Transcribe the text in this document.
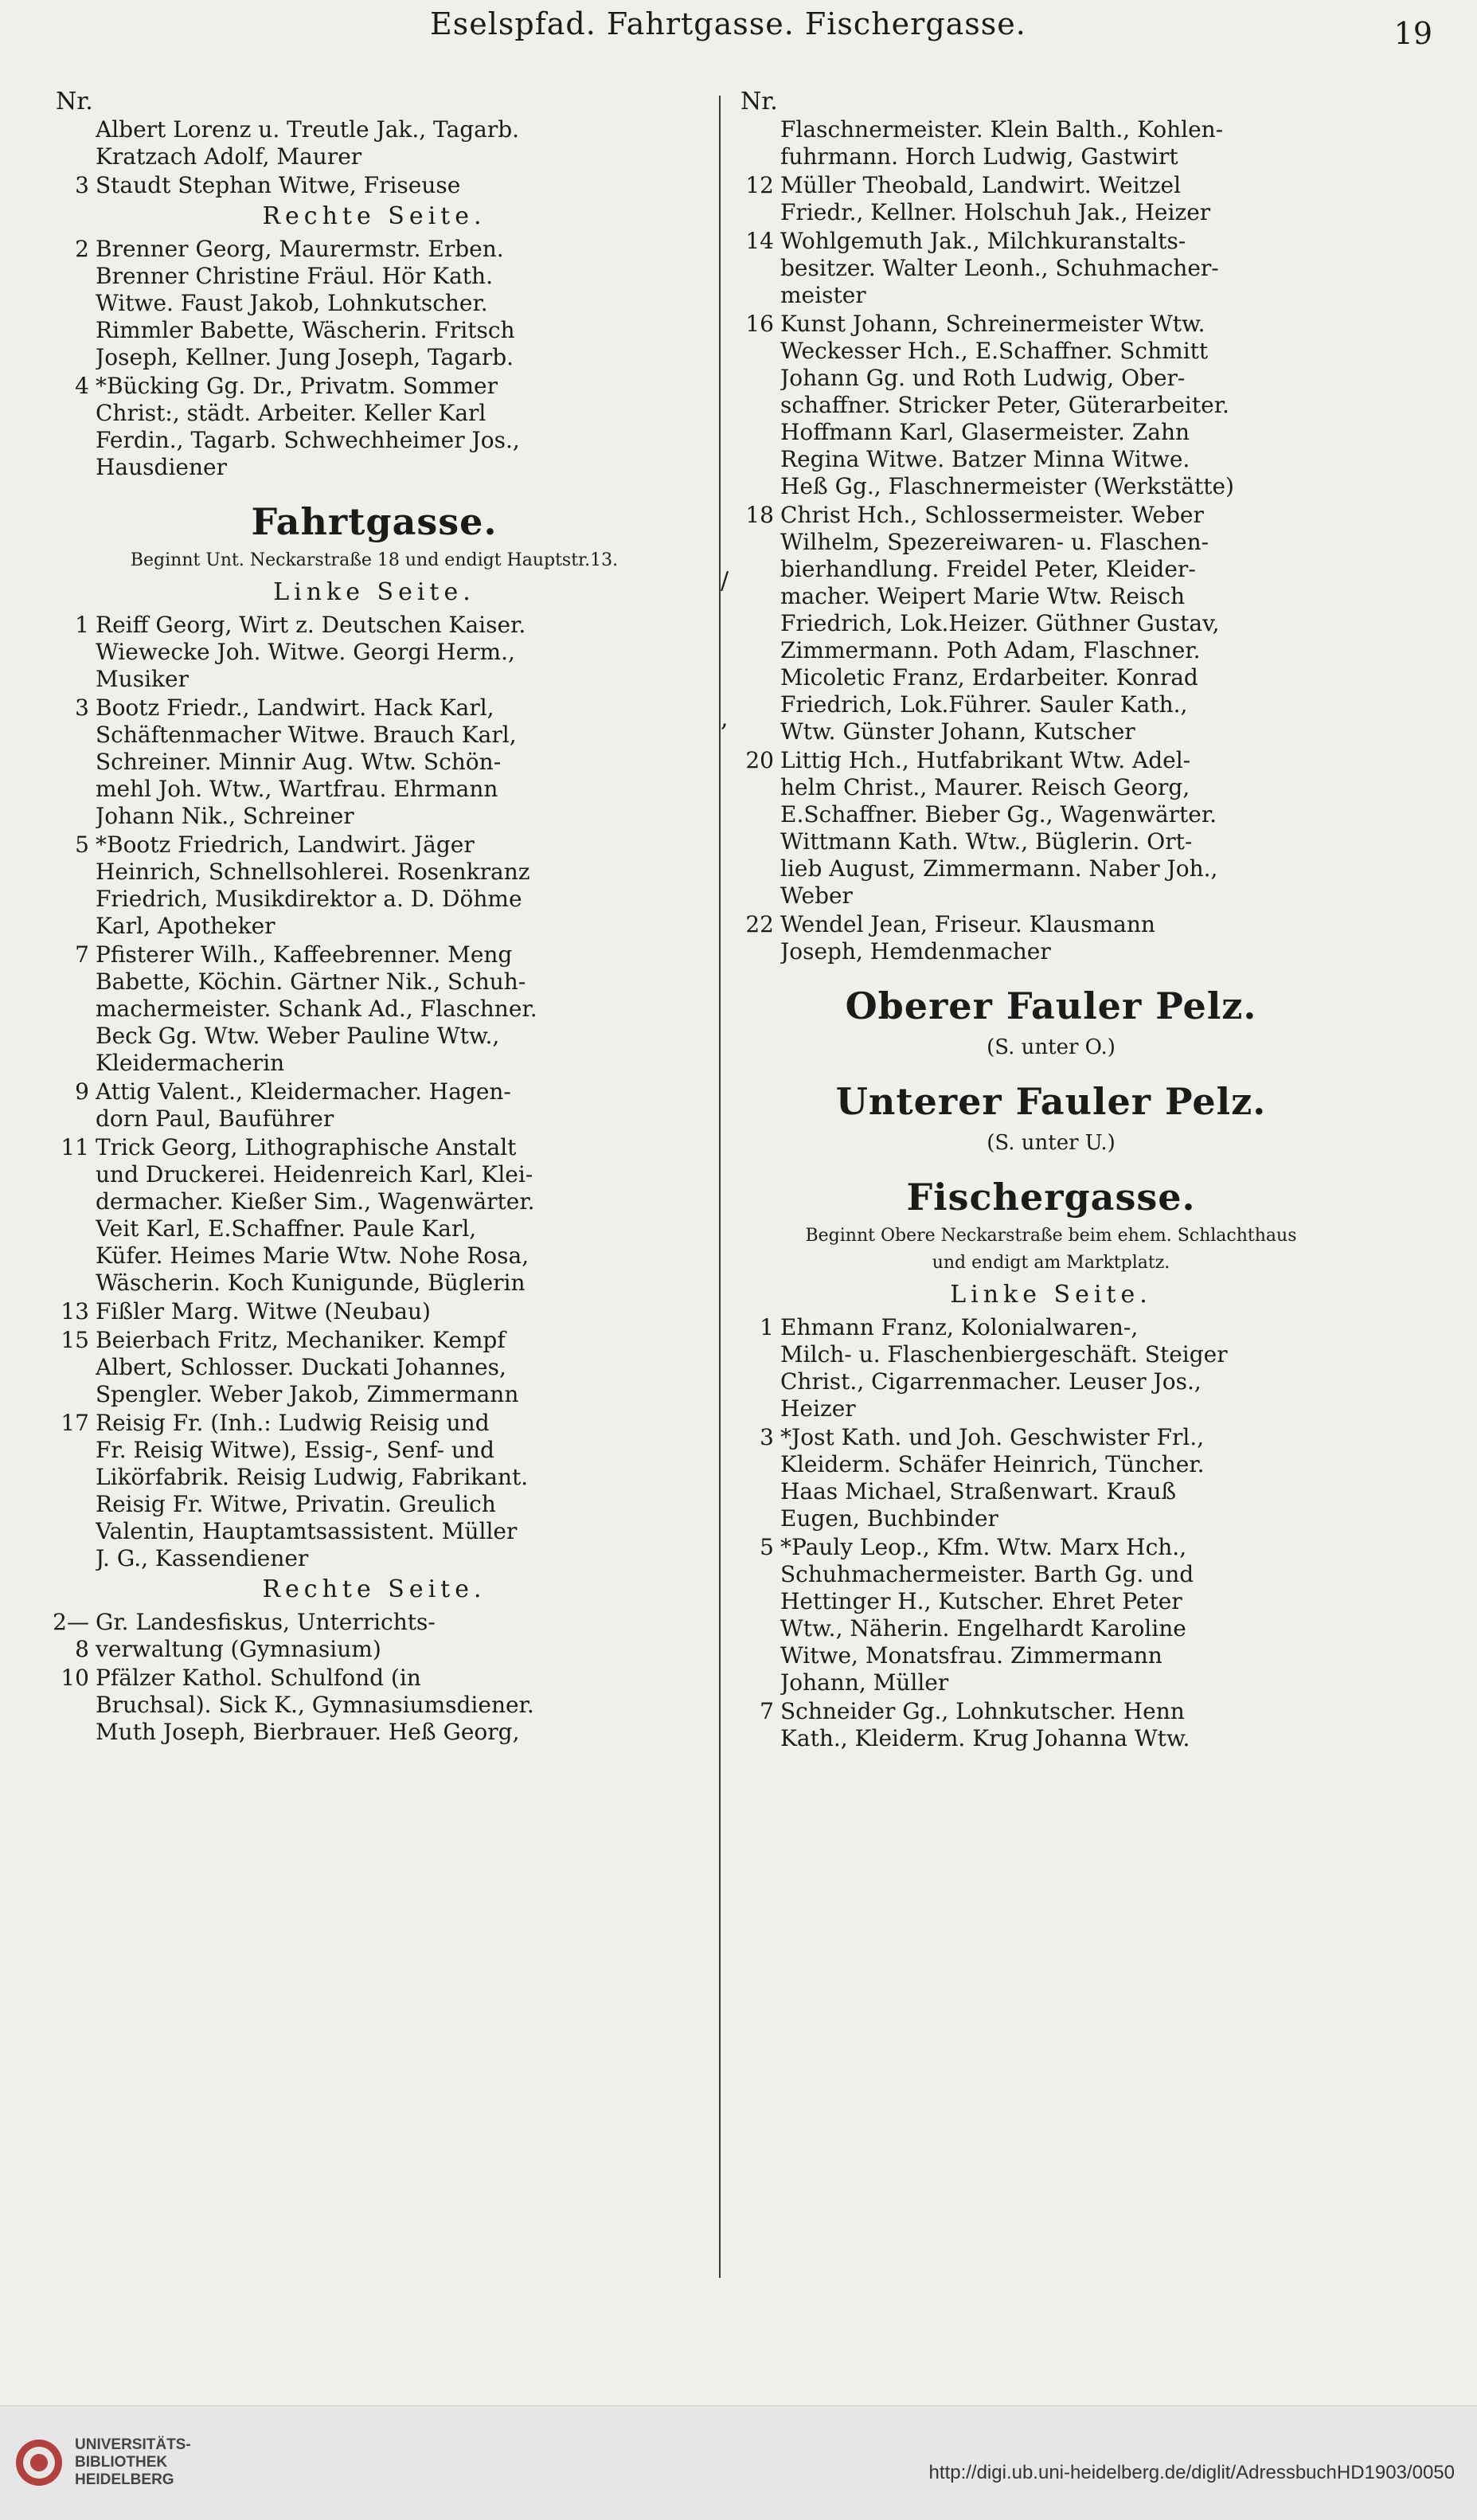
Eselspfad. Fahrtgasse. Fischergasse.	19
/
,
Nr.
Albert Lorenz u. Treutle Jak., Tagarb.
Kratzach Adolf, Maurer
3 Staudt Stephan Witwe, Friseuse
Rechte Seite.
2 Brenner Georg, Maurermstr. Erben.
Brenner Christine Fräul. Hör Kath.
Witwe. Faust Jakob, Lohnkutscher.
Rimmler Babette, Wäscherin. Fritsch
Joseph, Kellner. Jung Joseph, Tagarb.
4 *Bücking Gg. Dr., Privatm. Sommer
Christ:, städt. Arbeiter. Keller Karl
Ferdin., Tagarb. Schwechheimer Jos.,
Hausdiener
Fahrtgasse.
Beginnt Unt. Neckarstraße 18 und endigt Hauptstr.13.
Linke Seite.
1 Reiff Georg, Wirt z. Deutschen Kaiser.
Wiewecke Joh. Witwe. Georgi Herm.,
Musiker
3 Bootz Friedr., Landwirt. Hack Karl,
Schäftenmacher Witwe. Brauch Karl,
Schreiner. Minnir Aug. Wtw. Schön-
mehl Joh. Wtw., Wartfrau. Ehrmann
Johann Nik., Schreiner
5 *Bootz Friedrich, Landwirt. Jäger
Heinrich, Schnellsohlerei. Rosenkranz
Friedrich, Musikdirektor a. D. Döhme
Karl, Apotheker
7 Pfisterer Wilh., Kaffeebrenner. Meng
Babette, Köchin. Gärtner Nik., Schuh-
machermeister. Schank Ad., Flaschner.
Beck Gg. Wtw. Weber Pauline Wtw.,
Kleidermacherin
9 Attig Valent., Kleidermacher. Hagen-
dorn Paul, Bauführer
11 Trick Georg, Lithographische Anstalt
und Druckerei. Heidenreich Karl, Klei-
dermacher. Kießer Sim., Wagenwärter.
Veit Karl, E.Schaffner. Paule Karl,
Küfer. Heimes Marie Wtw. Nohe Rosa,
Wäscherin. Koch Kunigunde, Büglerin
13 Fißler Marg. Witwe (Neubau)
15 Beierbach Fritz, Mechaniker. Kempf
Albert, Schlosser. Duckati Johannes,
Spengler. Weber Jakob, Zimmermann
17 Reisig Fr. (Inh.: Ludwig Reisig und
Fr. Reisig Witwe), Essig-, Senf- und
Likörfabrik. Reisig Ludwig, Fabrikant.
Reisig Fr. Witwe, Privatin. Greulich
Valentin, Hauptamtsassistent. Müller
J. G., Kassendiener
Rechte Seite.
2—8
Gr. Landesfiskus, Unterrichts-
verwaltung (Gymnasium)
10 Pfälzer Kathol. Schulfond (in
Bruchsal). Sick K., Gymnasiumsdiener.
Muth Joseph, Bierbrauer. Heß Georg,
Nr.
Flaschnermeister. Klein Balth., Kohlen-
fuhrmann. Horch Ludwig, Gastwirt
12 Müller Theobald, Landwirt. Weitzel
Friedr., Kellner. Holschuh Jak., Heizer
14 Wohlgemuth Jak., Milchkuranstalts-
besitzer. Walter Leonh., Schuhmacher-
meister
16 Kunst Johann, Schreinermeister Wtw.
Weckesser Hch., E.Schaffner. Schmitt
Johann Gg. und Roth Ludwig, Ober-
schaffner. Stricker Peter, Güterarbeiter.
Hoffmann Karl, Glasermeister. Zahn
Regina Witwe. Batzer Minna Witwe.
Heß Gg., Flaschnermeister (Werkstätte)
18 Christ Hch., Schlossermeister. Weber
Wilhelm, Spezereiwaren- u. Flaschen-
bierhandlung. Freidel Peter, Kleider-
macher. Weipert Marie Wtw. Reisch
Friedrich, Lok.Heizer. Güthner Gustav,
Zimmermann. Poth Adam, Flaschner.
Micoletic Franz, Erdarbeiter. Konrad
Friedrich, Lok.Führer. Sauler Kath.,
Wtw. Günster Johann, Kutscher
20 Littig Hch., Hutfabrikant Wtw. Adel-
helm Christ., Maurer. Reisch Georg,
E.Schaffner. Bieber Gg., Wagenwärter.
Wittmann Kath. Wtw., Büglerin. Ort-
lieb August, Zimmermann. Naber Joh.,
Weber
22 Wendel Jean, Friseur. Klausmann
Joseph, Hemdenmacher
Oberer Fauler Pelz.
(S. unter O.)
Unterer Fauler Pelz.
(S. unter U.)
Fischergasse.
Beginnt Obere Neckarstraße beim ehem. Schlachthaus
und endigt am Marktplatz.
Linke Seite.
1 Ehmann Franz, Kolonialwaren-,
Milch- u. Flaschenbiergeschäft. Steiger
Christ., Cigarrenmacher. Leuser Jos.,
Heizer
3 *Jost Kath. und Joh. Geschwister Frl.,
Kleiderm. Schäfer Heinrich, Tüncher.
Haas Michael, Straßenwart. Krauß
Eugen, Buchbinder
5 *Pauly Leop., Kfm. Wtw. Marx Hch.,
Schuhmachermeister. Barth Gg. und
Hettinger H., Kutscher. Ehret Peter
Wtw., Näherin. Engelhardt Karoline
Witwe, Monatsfrau. Zimmermann
Johann, Müller
7 Schneider Gg., Lohnkutscher. Henn
Kath., Kleiderm. Krug Johanna Wtw.
UNIVERSITÄTS-
BIBLIOTHEK
HEIDELBERG	http://digi.ub.uni-heidelberg.de/diglit/AdressbuchHD1903/0050
